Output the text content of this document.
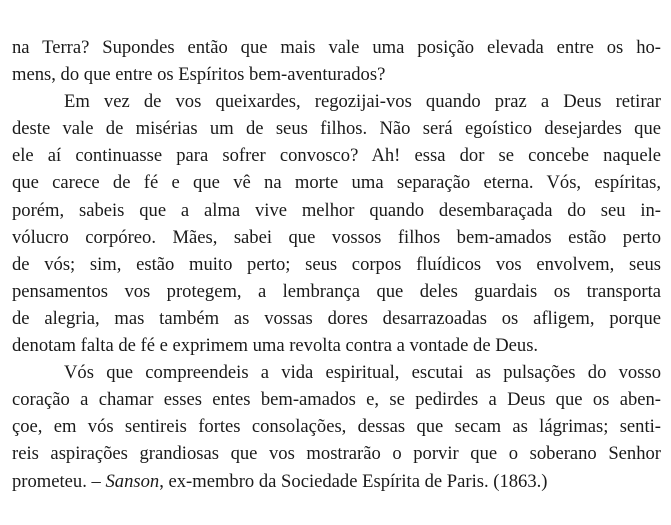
na Terra? Supondes então que mais vale uma posição elevada entre os ho-
mens, do que entre os Espíritos bem-aventurados?
Em vez de vos queixardes, regozijai-vos quando praz a Deus retirar
deste vale de misérias um de seus filhos. Não será egoístico desejardes que
ele aí continuasse para sofrer convosco? Ah! essa dor se concebe naquele
que carece de fé e que vê na morte uma separação eterna. Vós, espíritas,
porém, sabeis que a alma vive melhor quando desembaraçada do seu in-
vólucro corpóreo. Mães, sabei que vossos filhos bem-amados estão perto
de vós; sim, estão muito perto; seus corpos fluídicos vos envolvem, seus
pensamentos vos protegem, a lembrança que deles guardais os transporta
de alegria, mas também as vossas dores desarrazoadas os afligem, porque
denotam falta de fé e exprimem uma revolta contra a vontade de Deus.
Vós que compreendeis a vida espiritual, escutai as pulsações do vosso
coração a chamar esses entes bem-amados e, se pedirdes a Deus que os aben-
çoe, em vós sentireis fortes consolações, dessas que secam as lágrimas; senti-
reis aspirações grandiosas que vos mostrarão o porvir que o soberano Senhor
prometeu. – Sanson, ex-membro da Sociedade Espírita de Paris. (1863.)
